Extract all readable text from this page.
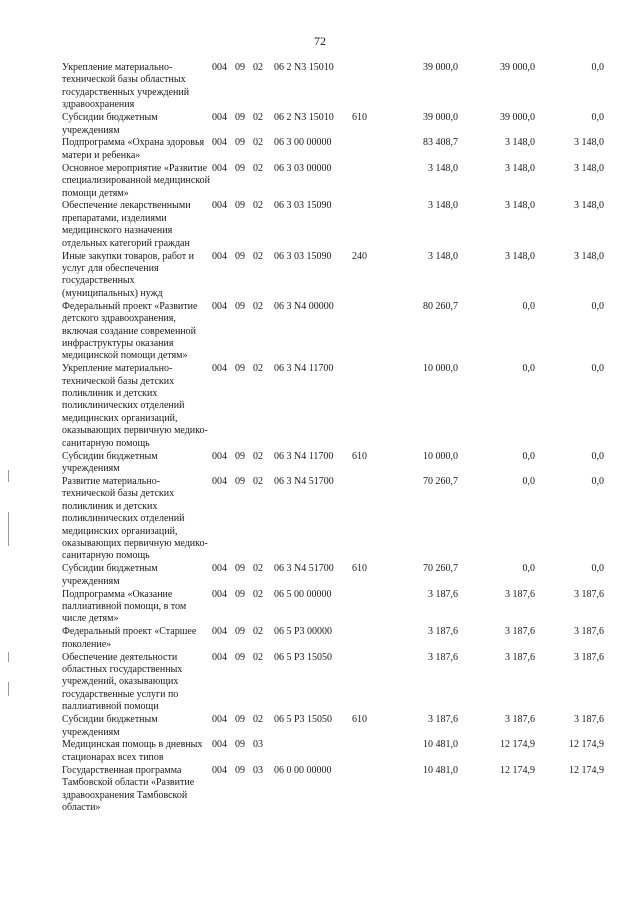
72
Укрепление материально-технической базы областных государственных учреждений здравоохранения	004	09	02	06 2 N3 15010		39 000,0	39 000,0	0,0
Субсидии бюджетным учреждениям	004	09	02	06 2 N3 15010	610	39 000,0	39 000,0	0,0
Подпрограмма «Охрана здоровья матери и ребенка»	004	09	02	06 3 00 00000		83 408,7	3 148,0	3 148,0
Основное мероприятие «Развитие специализированной медицинской помощи детям»	004	09	02	06 3 03 00000		3 148,0	3 148,0	3 148,0
Обеспечение лекарственными препаратами, изделиями медицинского назначения отдельных категорий граждан	004	09	02	06 3 03 15090		3 148,0	3 148,0	3 148,0
Иные закупки товаров, работ и услуг для обеспечения государственных (муниципальных) нужд	004	09	02	06 3 03 15090	240	3 148,0	3 148,0	3 148,0
Федеральный проект «Развитие детского здравоохранения, включая создание современной инфраструктуры оказания медицинской помощи детям»	004	09	02	06 3 N4 00000		80 260,7	0,0	0,0
Укрепление материально-технической базы детских поликлиник и детских поликлинических отделений медицинских организаций, оказывающих первичную медико-санитарную помощь	004	09	02	06 3 N4 11700		10 000,0	0,0	0,0
Субсидии бюджетным учреждениям	004	09	02	06 3 N4 11700	610	10 000,0	0,0	0,0
Развитие материально-технической базы детских поликлиник и детских поликлинических отделений медицинских организаций, оказывающих первичную медико-санитарную помощь	004	09	02	06 3 N4 51700		70 260,7	0,0	0,0
Субсидии бюджетным учреждениям	004	09	02	06 3 N4 51700	610	70 260,7	0,0	0,0
Подпрограмма «Оказание паллиативной помощи, в том числе детям»	004	09	02	06 5 00 00000		3 187,6	3 187,6	3 187,6
Федеральный проект «Старшее поколение»	004	09	02	06 5 P3 00000		3 187,6	3 187,6	3 187,6
Обеспечение деятельности областных государственных учреждений, оказывающих государственные услуги по паллиативной помощи	004	09	02	06 5 P3 15050		3 187,6	3 187,6	3 187,6
Субсидии бюджетным учреждениям	004	09	02	06 5 P3 15050	610	3 187,6	3 187,6	3 187,6
Медицинская помощь в дневных стационарах всех типов	004	09	03			10 481,0	12 174,9	12 174,9
Государственная программа Тамбовской области «Развитие здравоохранения Тамбовской области»	004	09	03	06 0 00 00000		10 481,0	12 174,9	12 174,9
